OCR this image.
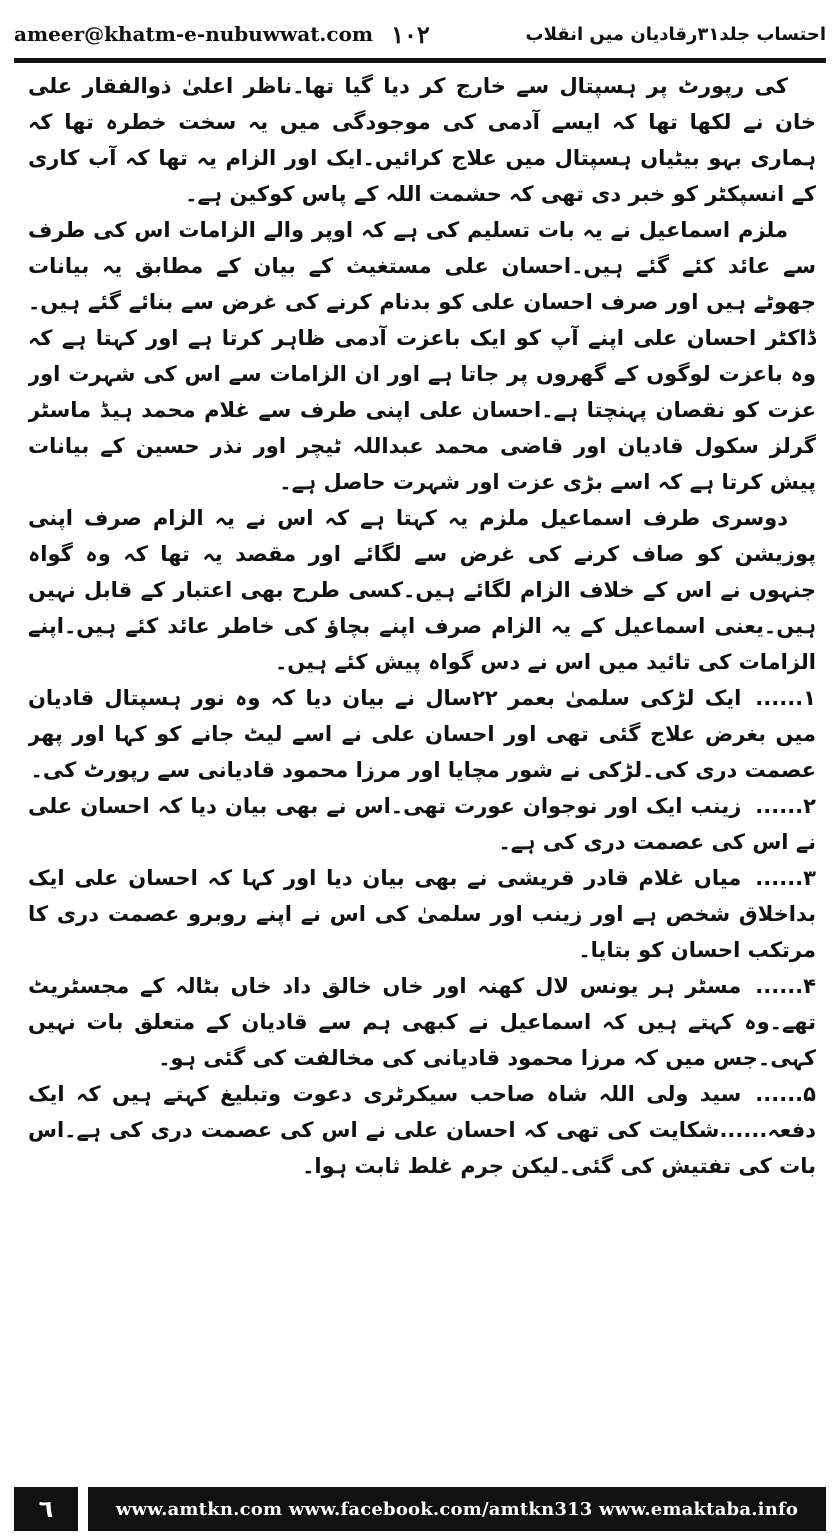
ameer@khatm-e-nubuwwat.com ۱۰۲	احتساب جلد۳۱رقادیان میں انقلاب

کی رپورٹ پر ہسپتال سے خارج کر دیا گیا تھا۔ناظر اعلیٰ ذوالفقار علی خان نے لکھا تھا کہ ایسے آدمی کی موجودگی میں یہ سخت خطرہ تھا کہ ہماری بہو بیٹیاں ہسپتال میں علاج کرائیں۔ایک اور الزام یہ تھا کہ آب کاری کے انسپکٹر کو خبر دی تھی کہ حشمت اللہ کے پاس کوکین ہے۔

ملزم اسماعیل نے یہ بات تسلیم کی ہے کہ اوپر والے الزامات اس کی طرف سے عائد کئے گئے ہیں۔احسان علی مستغیث کے بیان کے مطابق یہ بیانات جھوٹے ہیں اور صرف احسان علی کو بدنام کرنے کی غرض سے بنائے گئے ہیں۔ڈاکٹر احسان علی اپنے آپ کو ایک باعزت آدمی ظاہر کرتا ہے اور کہتا ہے کہ وہ باعزت لوگوں کے گھروں پر جاتا ہے اور ان الزامات سے اس کی شہرت اور عزت کو نقصان پہنچتا ہے۔احسان علی اپنی طرف سے غلام محمد ہیڈ ماسٹر گرلز سکول قادیان اور قاضی محمد عبداللہ ٹیچر اور نذر حسین کے بیانات پیش کرتا ہے کہ اسے بڑی عزت اور شہرت حاصل ہے۔

دوسری طرف اسماعیل ملزم یہ کہتا ہے کہ اس نے یہ الزام صرف اپنی پوزیشن کو صاف کرنے کی غرض سے لگائے اور مقصد یہ تھا کہ وہ گواہ جنہوں نے اس کے خلاف الزام لگائے ہیں۔کسی طرح بھی اعتبار کے قابل نہیں ہیں۔یعنی اسماعیل کے یہ الزام صرف اپنے بچاؤ کی خاطر عائد کئے ہیں۔اپنے الزامات کی تائید میں اس نے دس گواہ پیش کئے ہیں۔

۱......ایک لڑکی سلمیٰ بعمر ۲۲سال نے بیان دیا کہ وہ نور ہسپتال قادیان میں بغرض علاج گئی تھی اور احسان علی نے اسے لیٹ جانے کو کہا اور پھر عصمت دری کی۔لڑکی نے شور مچایا اور مرزا محمود قادیانی سے رپورٹ کی۔

۲......زینب ایک اور نوجوان عورت تھی۔اس نے بھی بیان دیا کہ احسان علی نے اس کی عصمت دری کی ہے۔

۳......میاں غلام قادر قریشی نے بھی بیان دیا اور کہا کہ احسان علی ایک بداخلاق شخص ہے اور زینب اور سلمیٰ کی اس نے اپنے روبرو عصمت دری کا مرتکب احسان کو بتایا۔

۴......مسٹر ہر یونس لال کھنہ اور خاں خالق داد خاں بٹالہ کے مجسٹریٹ تھے۔وہ کہتے ہیں کہ اسماعیل نے کبھی ہم سے قادیان کے متعلق بات نہیں کہی۔جس میں کہ مرزا محمود قادیانی کی مخالفت کی گئی ہو۔

۵......سید ولی اللہ شاہ صاحب سیکرٹری دعوت وتبلیغ کہتے ہیں کہ ایک دفعہ......شکایت کی تھی کہ احسان علی نے اس کی عصمت دری کی ہے۔اس بات کی تفتیش کی گئی۔لیکن جرم غلط ثابت ہوا۔

٦	www.amtkn.com www.facebook.com/amtkn313 www.emaktaba.info
